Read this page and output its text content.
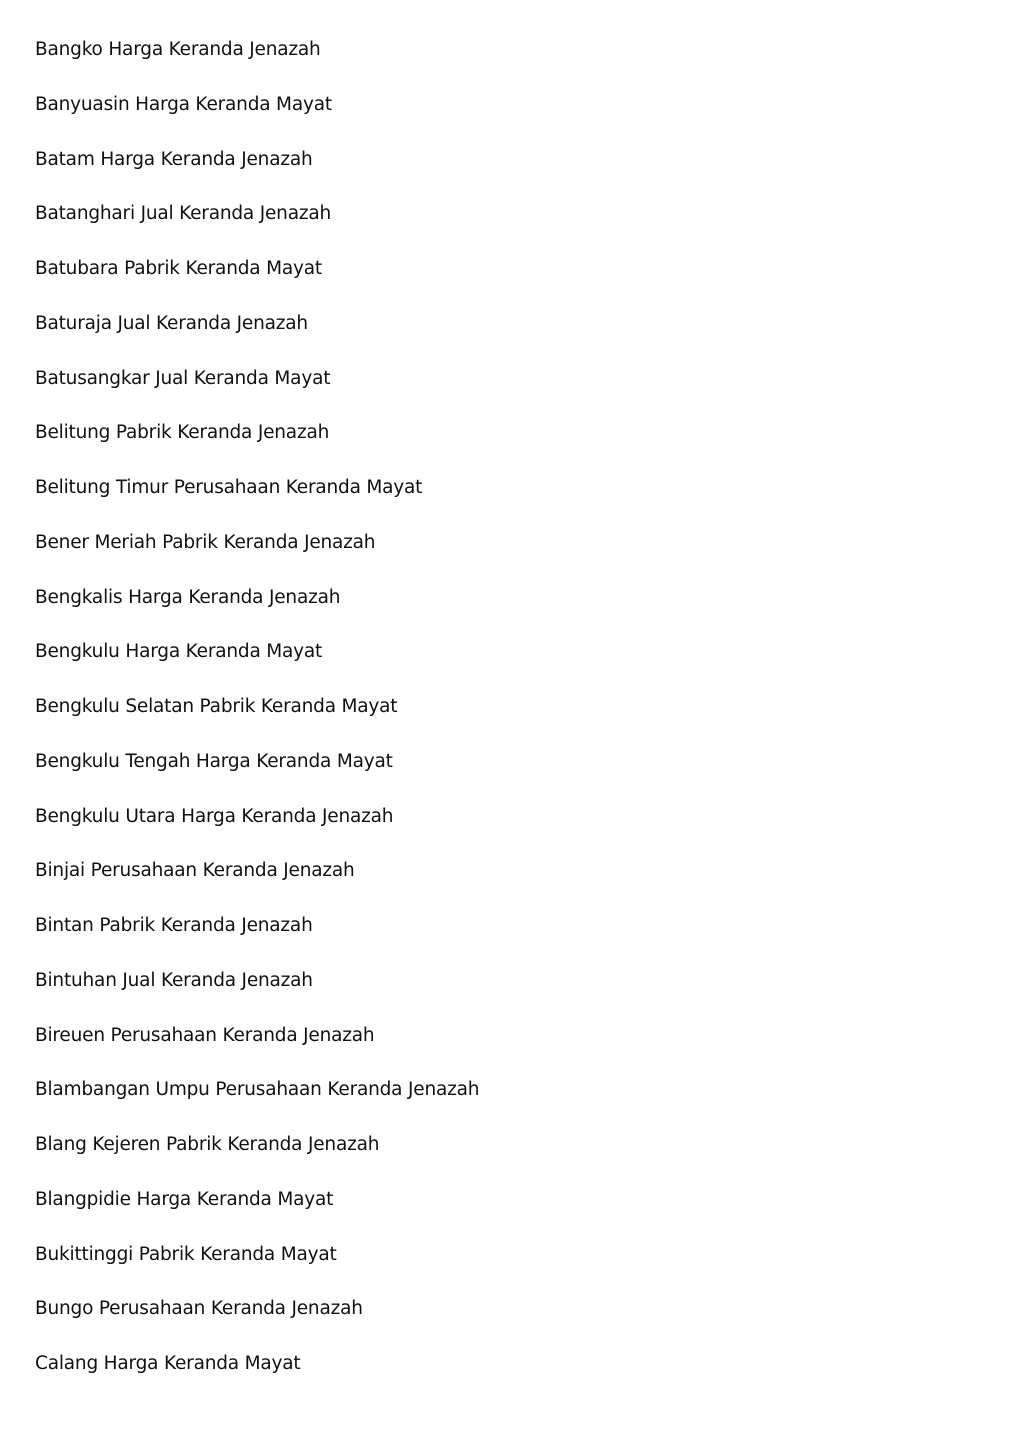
Bangko Harga Keranda Jenazah
Banyuasin Harga Keranda Mayat
Batam Harga Keranda Jenazah
Batanghari Jual Keranda Jenazah
Batubara Pabrik Keranda Mayat
Baturaja Jual Keranda Jenazah
Batusangkar Jual Keranda Mayat
Belitung Pabrik Keranda Jenazah
Belitung Timur Perusahaan Keranda Mayat
Bener Meriah Pabrik Keranda Jenazah
Bengkalis Harga Keranda Jenazah
Bengkulu Harga Keranda Mayat
Bengkulu Selatan Pabrik Keranda Mayat
Bengkulu Tengah Harga Keranda Mayat
Bengkulu Utara Harga Keranda Jenazah
Binjai Perusahaan Keranda Jenazah
Bintan Pabrik Keranda Jenazah
Bintuhan Jual Keranda Jenazah
Bireuen Perusahaan Keranda Jenazah
Blambangan Umpu Perusahaan Keranda Jenazah
Blang Kejeren Pabrik Keranda Jenazah
Blangpidie Harga Keranda Mayat
Bukittinggi Pabrik Keranda Mayat
Bungo Perusahaan Keranda Jenazah
Calang Harga Keranda Mayat
